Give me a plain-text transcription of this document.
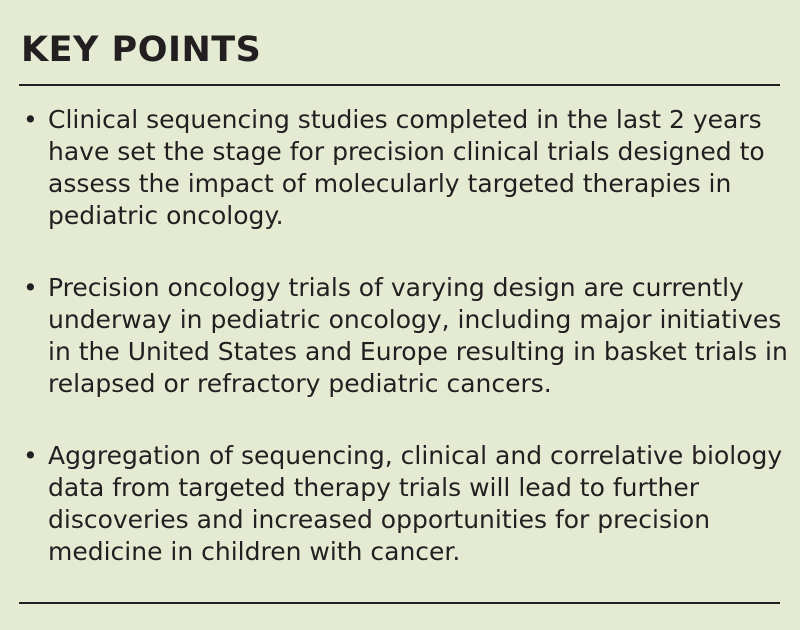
KEY POINTS
• Clinical sequencing studies completed in the last 2 years have set the stage for precision clinical trials designed to assess the impact of molecularly targeted therapies in pediatric oncology.
• Precision oncology trials of varying design are currently underway in pediatric oncology, including major initiatives in the United States and Europe resulting in basket trials in relapsed or refractory pediatric cancers.
• Aggregation of sequencing, clinical and correlative biology data from targeted therapy trials will lead to further discoveries and increased opportunities for precision medicine in children with cancer.
